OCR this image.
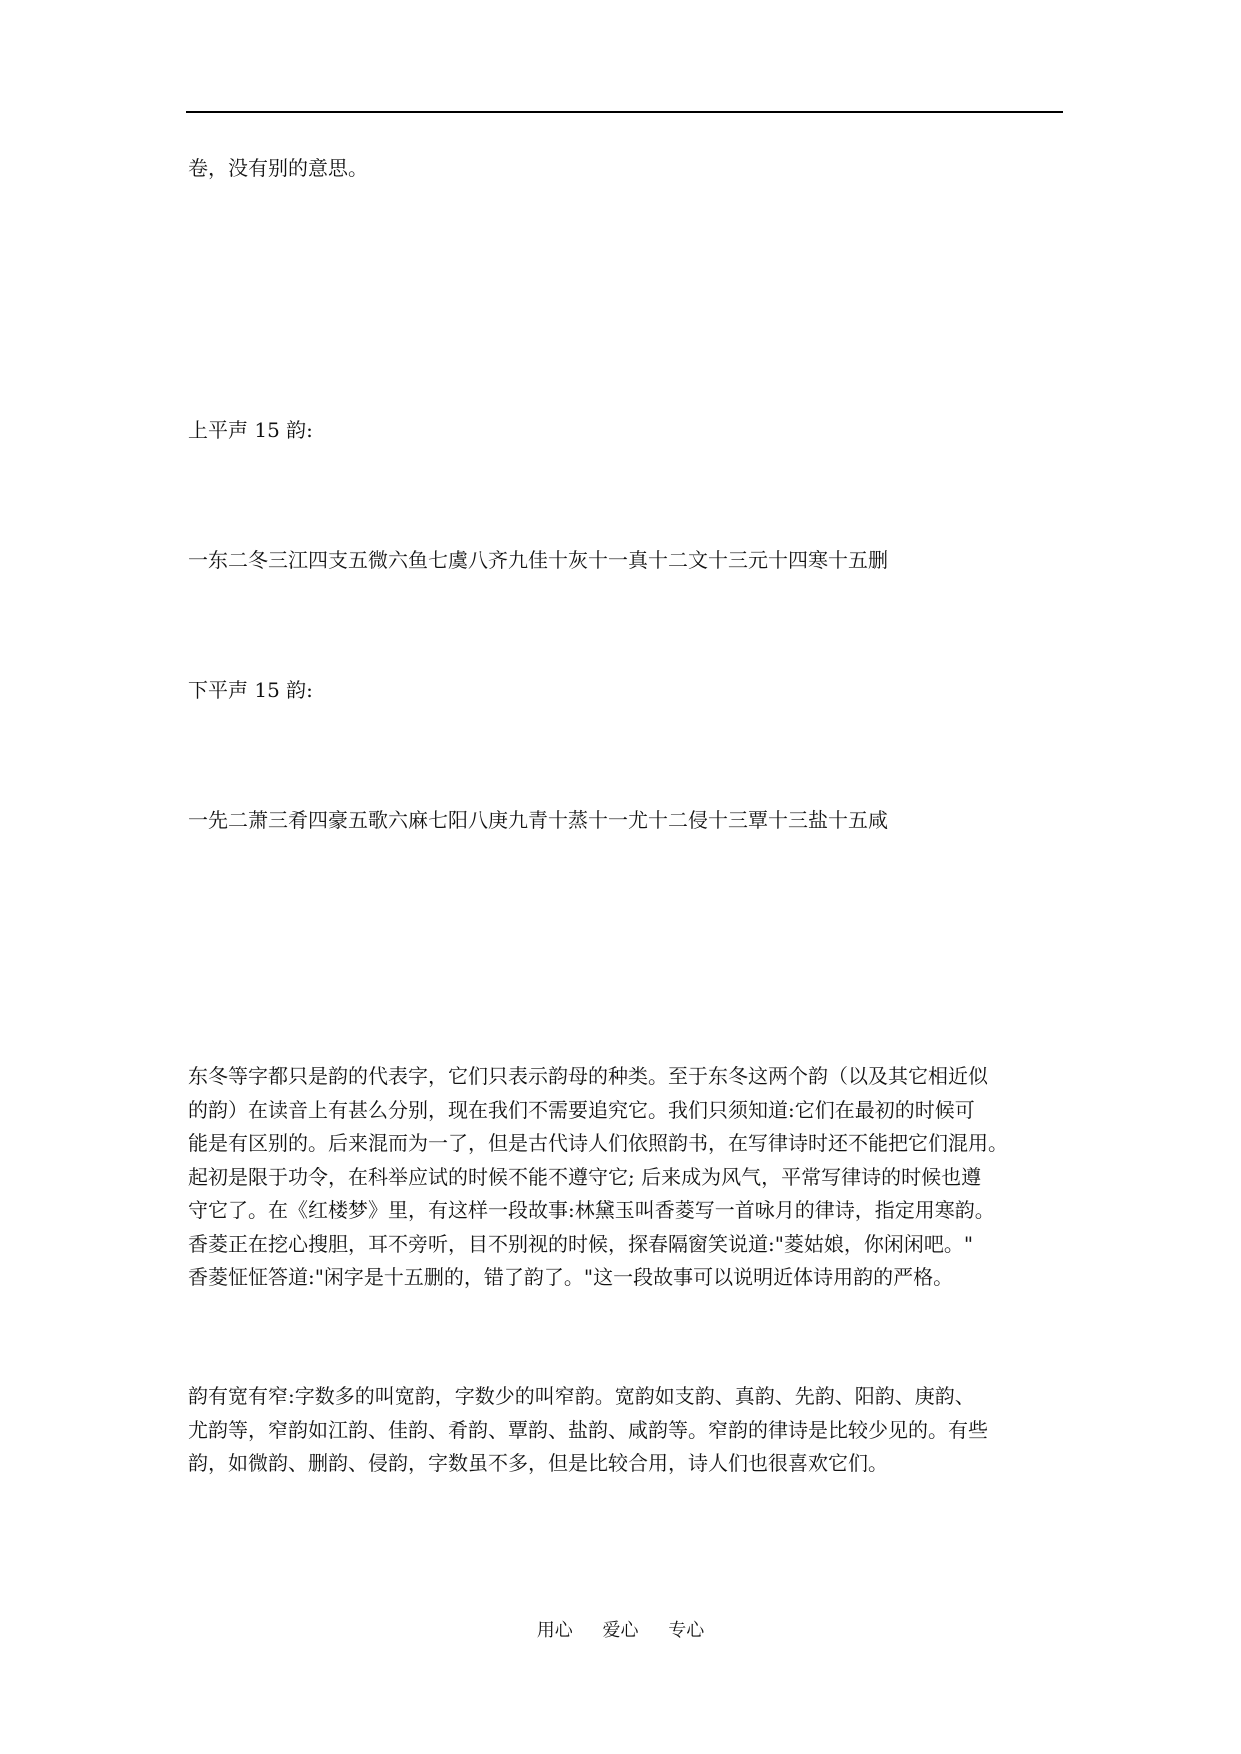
卷，没有别的意思。
上平声 15 韵:
一东二冬三江四支五微六鱼七虞八齐九佳十灰十一真十二文十三元十四寒十五删
下平声 15 韵:
一先二萧三肴四豪五歌六麻七阳八庚九青十蒸十一尤十二侵十三覃十三盐十五咸
东冬等字都只是韵的代表字，它们只表示韵母的种类。至于东冬这两个韵（以及其它相近似
的韵）在读音上有甚么分别，现在我们不需要追究它。我们只须知道:它们在最初的时候可
能是有区别的。后来混而为一了，但是古代诗人们依照韵书，在写律诗时还不能把它们混用。
起初是限于功令，在科举应试的时候不能不遵守它; 后来成为风气，平常写律诗的时候也遵
守它了。在《红楼梦》里，有这样一段故事:林黛玉叫香菱写一首咏月的律诗，指定用寒韵。
香菱正在挖心搜胆，耳不旁听，目不别视的时候，探春隔窗笑说道:"菱姑娘，你闲闲吧。"
香菱怔怔答道:"闲字是十五删的，错了韵了。"这一段故事可以说明近体诗用韵的严格。
韵有宽有窄:字数多的叫宽韵，字数少的叫窄韵。宽韵如支韵、真韵、先韵、阳韵、庚韵、
尤韵等，窄韵如江韵、佳韵、肴韵、覃韵、盐韵、咸韵等。窄韵的律诗是比较少见的。有些
韵，如微韵、删韵、侵韵，字数虽不多，但是比较合用，诗人们也很喜欢它们。
用心 爱心 专心
